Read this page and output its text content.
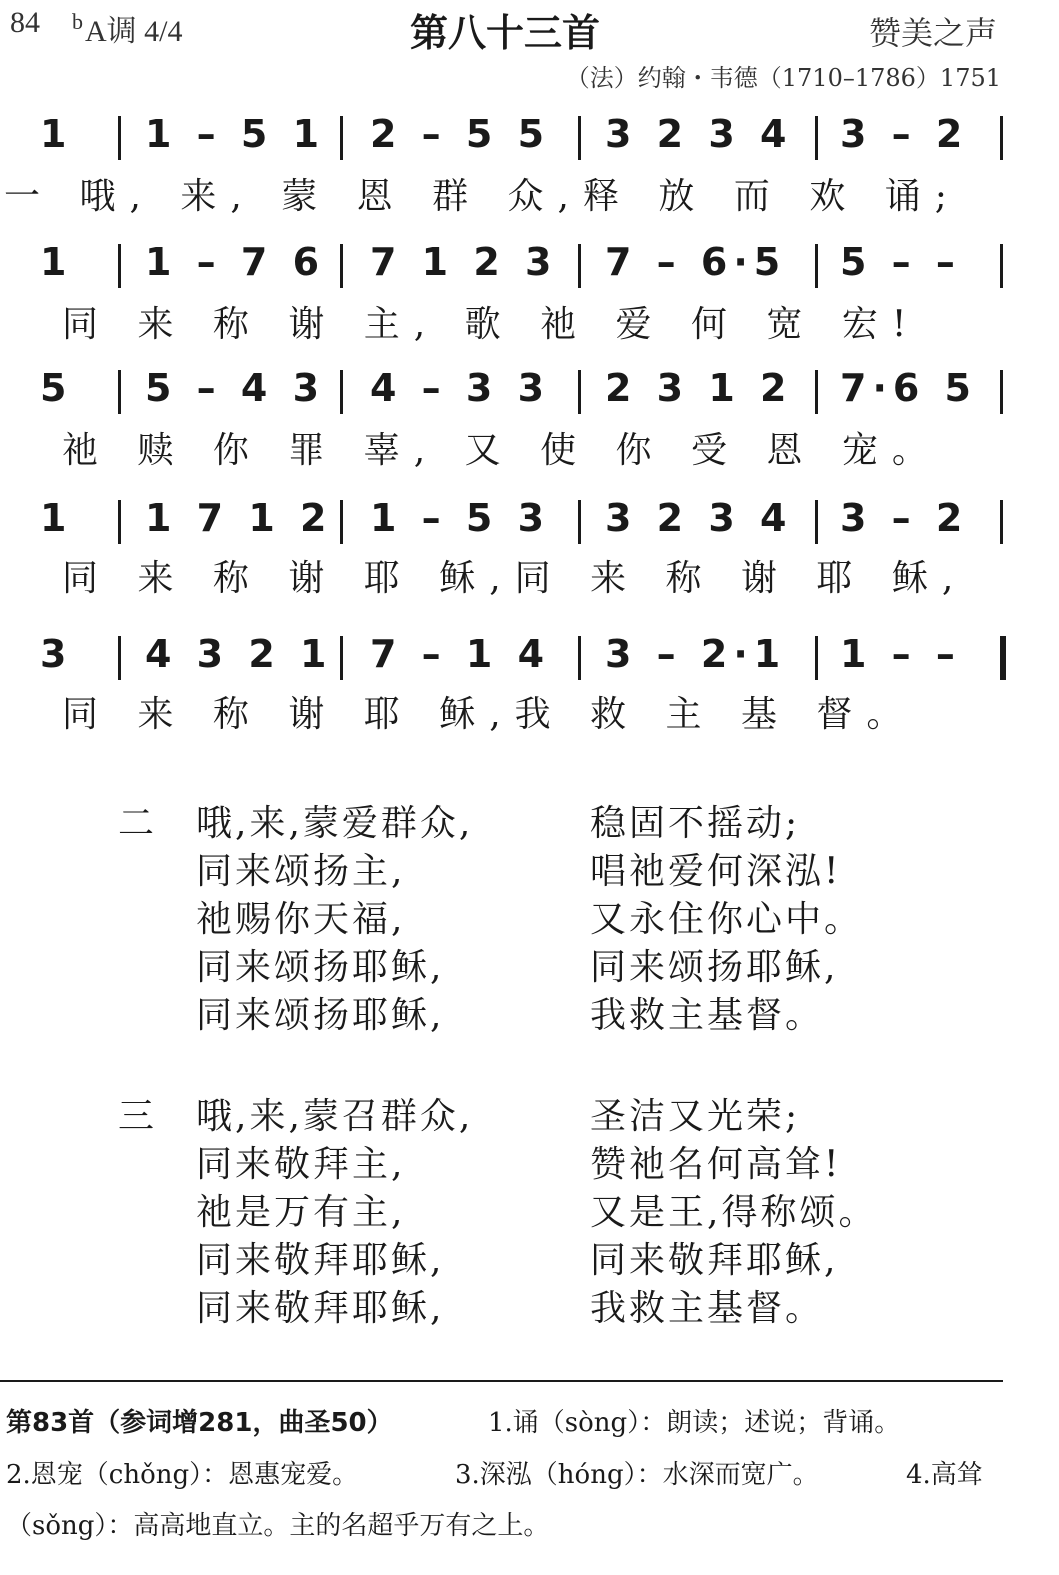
84 $^b$A调 4/4	第八十三首	赞美之声
（法）约翰・韦德（1710–1786）1751
1 1 – 5 1 2 – 5 5 3 2 3 4 3 – 2
一 哦, 来, 蒙 恩 群 众,释 放 而 欢 诵;
1 1 – 7 6 7 1 2 3 7 – 6·5 5 – –
同 来 称 谢 主, 歌 祂 爱 何 宽 宏!
5 5 – 4 3 4 – 3 3 2 3 1 2 7·6 5
祂 赎 你 罪 辜, 又 使 你 受 恩 宠。
1 1 7 1 2 1 – 5 3 3 2 3 4 3 – 2
同 来 称 谢 耶 稣,同 来 称 谢 耶 稣,
3 4 3 2 1 7 – 1 4 3 – 2·1 1 – –
同 来 称 谢 耶 稣,我 救 主 基 督。
二 哦,来,蒙爱群众,	稳固不摇动;
同来颂扬主,	唱祂爱何深泓!
祂赐你天福,	又永住你心中。
同来颂扬耶稣,	同来颂扬耶稣,
同来颂扬耶稣,	我救主基督。
三 哦,来,蒙召群众,	圣洁又光荣;
同来敬拜主,	赞祂名何高耸!
祂是万有主,	又是王,得称颂。
同来敬拜耶稣,	同来敬拜耶稣,
同来敬拜耶稣,	我救主基督。
第83首（参词增281，曲圣50）	1.诵（sòng）：朗读；述说；背诵。
2.恩宠（chǒng）：恩惠宠爱。	3.深泓（hóng）：水深而宽广。	4.高耸
（sǒng）：高高地直立。主的名超乎万有之上。
